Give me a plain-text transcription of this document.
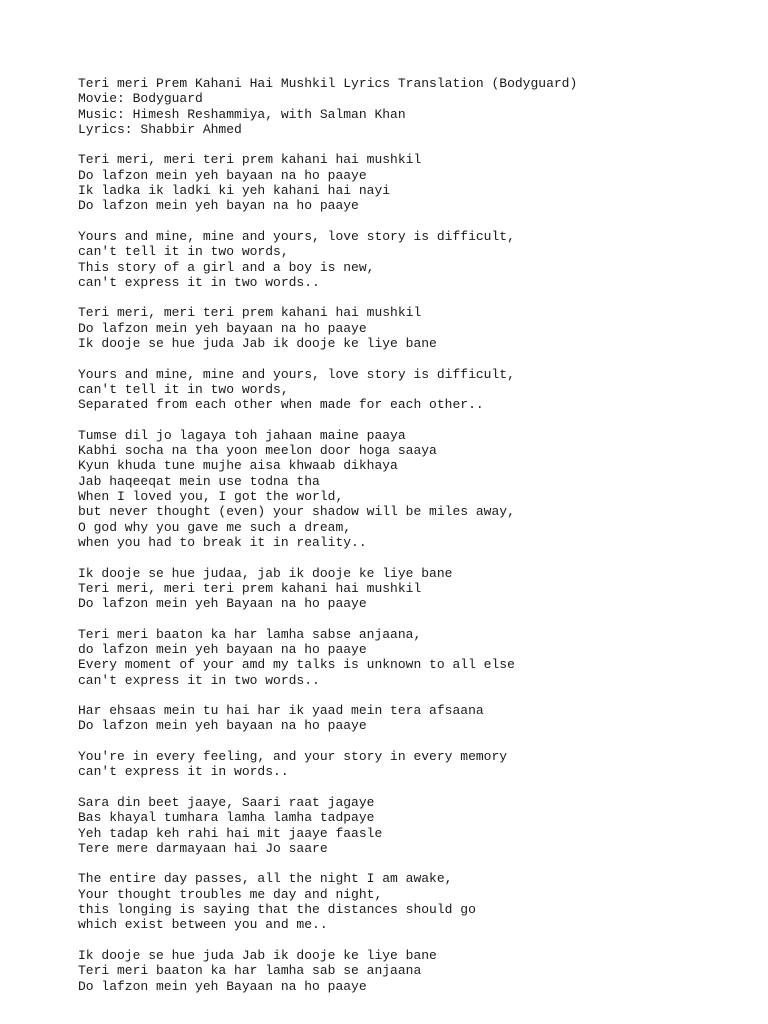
Teri meri Prem Kahani Hai Mushkil Lyrics Translation (Bodyguard)
Movie: Bodyguard
Music: Himesh Reshammiya, with Salman Khan
Lyrics: Shabbir Ahmed
Teri meri, meri teri prem kahani hai mushkil
Do lafzon mein yeh bayaan na ho paaye
Ik ladka ik ladki ki yeh kahani hai nayi
Do lafzon mein yeh bayan na ho paaye
Yours and mine, mine and yours, love story is difficult,
can't tell it in two words,
This story of a girl and a boy is new,
can't express it in two words..
Teri meri, meri teri prem kahani hai mushkil
Do lafzon mein yeh bayaan na ho paaye
Ik dooje se hue juda Jab ik dooje ke liye bane
Yours and mine, mine and yours, love story is difficult,
can't tell it in two words,
Separated from each other when made for each other..
Tumse dil jo lagaya toh jahaan maine paaya
Kabhi socha na tha yoon meelon door hoga saaya
Kyun khuda tune mujhe aisa khwaab dikhaya
Jab haqeeqat mein use todna tha
When I loved you, I got the world,
but never thought (even) your shadow will be miles away,
O god why you gave me such a dream,
when you had to break it in reality..
Ik dooje se hue judaa, jab ik dooje ke liye bane
Teri meri, meri teri prem kahani hai mushkil
Do lafzon mein yeh Bayaan na ho paaye
Teri meri baaton ka har lamha sabse anjaana,
do lafzon mein yeh bayaan na ho paaye
Every moment of your amd my talks is unknown to all else
can't express it in two words..
Har ehsaas mein tu hai har ik yaad mein tera afsaana
Do lafzon mein yeh bayaan na ho paaye
You're in every feeling, and your story in every memory
can't express it in words..
Sara din beet jaaye, Saari raat jagaye
Bas khayal tumhara lamha lamha tadpaye
Yeh tadap keh rahi hai mit jaaye faasle
Tere mere darmayaan hai Jo saare
The entire day passes, all the night I am awake,
Your thought troubles me day and night,
this longing is saying that the distances should go
which exist between you and me..
Ik dooje se hue juda Jab ik dooje ke liye bane
Teri meri baaton ka har lamha sab se anjaana
Do lafzon mein yeh Bayaan na ho paaye
